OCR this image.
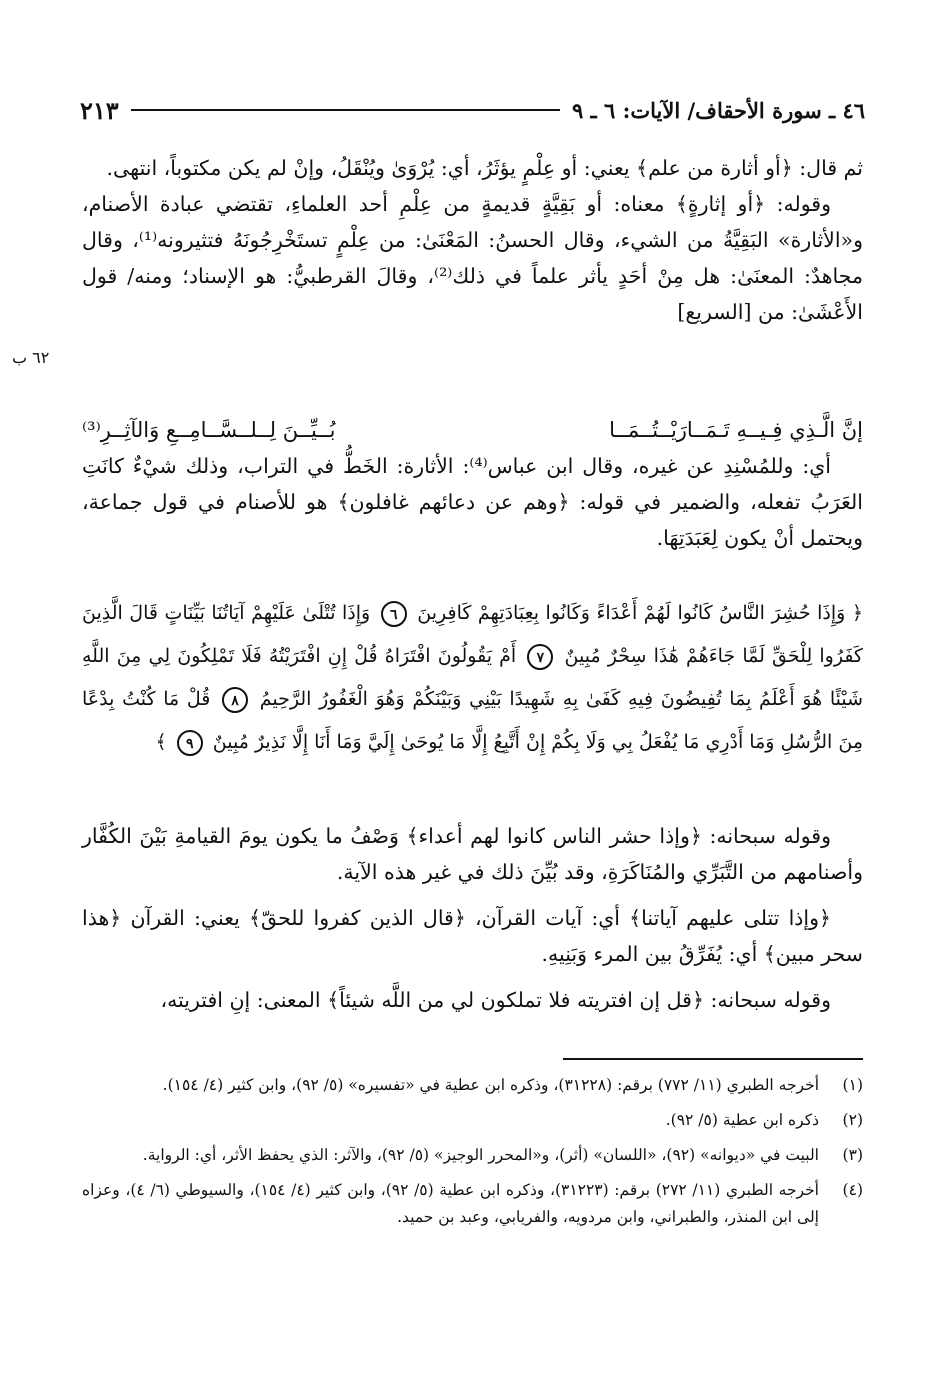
٤٦ ـ سورة الأحقاف/ الآيات: ٦ ـ ٩
٢١٣

ثم قال: ﴿أو أثارة من علم﴾ يعني: أو عِلْمٍ يؤثَرُ، أي: يُرْوَىٰ ويُنْقَلُ، وإنْ لم يكن مكتوباً، انتهى.

وقوله: ﴿أو إثارةٍ﴾ معناه: أو بَقِيَّةٍ قديمةٍ من عِلْمِ أحد العلماءِ، تقتضي عبادة الأصنام، و«الأثارة» البَقِيَّةُ من الشيء، وقال الحسنُ: المَعْنَىٰ: من عِلْمٍ تستَخْرِجُونَهُ فتثيرونه⁽¹⁾، وقال مجاهدٌ: المعنَىٰ: هل مِنْ أحَدٍ يأثر علماً في ذلك⁽²⁾، وقالَ القرطبيُّ: هو الإسناد؛ ومنه/ قول الأَعْشَىٰ: من [السريع]

٦٢ ب
إنَّ الَّـذِي فِـيــهِ تَـمَــارَيْــتُــمَــا
بُــيِّــنَ لِــلــسَّــامِــعِ وَالآثِــرِ⁽³⁾

أي: وللمُسْنِدِ عن غيره، وقال ابن عباس⁽⁴⁾: الأثارة: الخَطُّ في التراب، وذلك شيْءٌ كانَتِ العَرَبُ تفعله، والضمير في قوله: ﴿وهم عن دعائهم غافلون﴾ هو للأصنام في قول جماعة، ويحتمل أنْ يكون لِعَبَدَتِهَا.

﴿ وَإِذَا حُشِرَ النَّاسُ كَانُوا لَهُمْ أَعْدَاءً وَكَانُوا بِعِبَادَتِهِمْ كَافِرِينَ ٦ وَإِذَا تُتْلَىٰ عَلَيْهِمْ آيَاتُنَا بَيِّنَاتٍ قَالَ الَّذِينَ كَفَرُوا لِلْحَقِّ لَمَّا جَاءَهُمْ هَٰذَا سِحْرٌ مُبِينٌ ٧ أَمْ يَقُولُونَ افْتَرَاهُ قُلْ إِنِ افْتَرَيْتُهُ فَلَا تَمْلِكُونَ لِي مِنَ اللَّهِ شَيْئًا هُوَ أَعْلَمُ بِمَا تُفِيضُونَ فِيهِ كَفَىٰ بِهِ شَهِيدًا بَيْنِي وَبَيْنَكُمْ وَهُوَ الْغَفُورُ الرَّحِيمُ ٨ قُلْ مَا كُنْتُ بِدْعًا مِنَ الرُّسُلِ وَمَا أَدْرِي مَا يُفْعَلُ بِي وَلَا بِكُمْ إِنْ أَتَّبِعُ إِلَّا مَا يُوحَىٰ إِلَيَّ وَمَا أَنَا إِلَّا نَذِيرٌ مُبِينٌ ٩ ﴾

وقوله سبحانه: ﴿وإذا حشر الناس كانوا لهم أعداء﴾ وَصْفُ ما يكون يومَ القيامةِ بَيْنَ الكُفَّار وأصنامهم من التَّبَرِّي والمُنَاكَرَةِ، وقد بُيِّنَ ذلك في غير هذه الآية.

﴿وإذا تتلى عليهم آياتنا﴾ أي: آيات القرآن، ﴿قال الذين كفروا للحقّ﴾ يعني: القرآن ﴿هذا سحر مبين﴾ أي: يُفَرِّقُ بين المرء وَبَنِيهِ.

وقوله سبحانه: ﴿قل إن افتريته فلا تملكون لي من اللَّه شيئاً﴾ المعنى: إنِ افتريته،

(١)
أخرجه الطبري (١١/ ٧٧٢) برقم: (٣١٢٢٨)، وذكره ابن عطية في «تفسيره» (٥/ ٩٢)، وابن كثير (٤/ ١٥٤).
(٢)
ذكره ابن عطية (٥/ ٩٢).
(٣)
البيت في «ديوانه» (٩٢)، «اللسان» (أثر)، و«المحرر الوجيز» (٥/ ٩٢)، والآثر: الذي يحفظ الأثر، أي: الرواية.
(٤)
أخرجه الطبري (١١/ ٢٧٢) برقم: (٣١٢٢٣)، وذكره ابن عطية (٥/ ٩٢)، وابن كثير (٤/ ١٥٤)، والسيوطي (٦/ ٤)، وعزاه إلى ابن المنذر، والطبراني، وابن مردويه، والفريابي، وعبد بن حميد.
